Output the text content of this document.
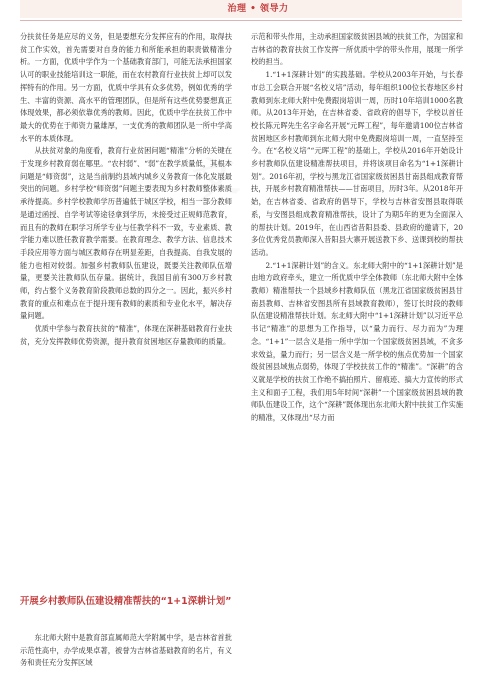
治理 • 领导力
文

分扶贫任务是应尽的义务，但是要想充分发挥应有的作用，取得扶贫工作实效，首先需要对自身的能力和所能承担的职责做精准分析。一方面，优质中学作为一个基础教育部门，可能无法承担国家认可的职业技能培训这一职能，而在农村教育行业扶贫上却可以发挥特有的作用。另一方面，优质中学具有众多优势，例如优秀的学生、丰富的资源、高水平的管理团队，但是所有这些优势要想真正体现效果，都必须依靠优秀的教师。因此，优质中学在扶贫工作中最大的优势在于师资力量雄厚，一支优秀的教师团队是一所中学高水平的本质体现。

从扶贫对象的角度看，教育行业贫困问题“精准”分析的关键在于发现乡村教育弱在哪里。“农村弱”、“弱”在教学质量低，其根本问题是“师资弱”，这是当前制约县域内城乡义务教育一体化发展最突出的问题。乡村学校“师资弱”问题主要表现为乡村教师整体素质承待提高。乡村学校教师学历普遍低于城区学校，相当一部分教师是通过函授、自学考试等途径拿到学历，未接受过正规师范教育，而且有的教师在职学习所学专业与任教学科不一致，专业素质、教学能力难以胜任教育教学需要。在教育理念、教学方法、信息技术手段应用等方面与城区教师存在明显差距，自我提高、自我发展的能力也相对较弱。加强乡村教师队伍建设，既要关注教师队伍增量，更要关注教师队伍存量。据统计，我国目前有300万乡村教师，约占整个义务教育阶段教师总数的四分之一。因此，振兴乡村教育的重点和难点在于提升现有教师的素质和专业化水平，解决存量问题。

优质中学参与教育扶贫的“精准”，体现在深耕基础教育行业扶贫，充分发挥教师优势资源，提升教育贫困地区存量教师的质量。

开展乡村教师队伍建设精准帮扶的“1+1深耕计划”

东北师大附中是教育部直属师范大学附属中学，是吉林省首批示范性高中，办学成果卓著，被誉为吉林省基础教育的名片，有义务和责任充分发挥区域

示范和带头作用，主动承担国家级贫困县域的扶贫工作，为国家和吉林省的教育扶贫工作发挥一所优质中学的带头作用，展现一所学校的担当。

1.“1+1深耕计划”的实践基础。学校从2003年开始，与长春市总工会联合开展“名校义培”活动，每年组织100位长春地区乡村教师到东北师大附中免费跟岗培训一周，历时10年培训1000名教师。从2013年开始，在吉林省委、省政府的倡导下，学校以首任校长陈元晖先生名字命名开展“元晖工程”，每年邀请100位吉林省贫困地区乡村教师到东北师大附中免费跟岗培训一周，一直坚持至今。在“名校义培”“元晖工程”的基础上，学校从2016年开始设计乡村教师队伍建设精准帮扶项目，并将该项目命名为“1+1深耕计划”。2016年初，学校与黑龙江省国家级贫困县甘南县组成教育帮扶，开展乡村教育精准帮扶——甘南项目，历时3年。从2018年开始，在吉林省委、省政府的倡导下，学校与吉林省安图县取得联系，与安图县组成教育精准帮扶，设计了为期5年的更为全面深入的帮扶计划。2019年，在山西省昔阳县委、县政府的邀请下，20多位优秀党员教师深入昔阳县大寨开展送教下乡、送课到校的帮扶活动。

2.“1+1深耕计划”的含义。东北师大附中的“1+1深耕计划”是由地方政府牵头，建立一所优质中学全体教师（东北师大附中全体教师）精准帮扶一个县域乡村教师队伍（黑龙江省国家级贫困县甘南县教师、吉林省安图县所有县域教育教师），签订长时段的教师队伍建设精准帮扶计划。东北师大附中“1+1深耕计划”以习近平总书记“精准”的思想为工作指导，以“量力而行、尽力而为”为理念。“1+1”一层含义是指一所中学加一个国家级贫困县域，不贪多求效益，量力而行；另一层含义是一所学校的焦点优势加一个国家级贫困县域焦点弱势，体现了学校扶贫工作的“精准”。“深耕”的含义就是学校的扶贫工作绝不搞拍照片、留痕迹、搞大力宣传的形式主义和面子工程，我们用5年时间“深耕”一个国家级贫困县域的教师队伍建设工作，这个“深耕”既体现出东北师大附中扶贫工作实施的精准，又体现出“尽力而
